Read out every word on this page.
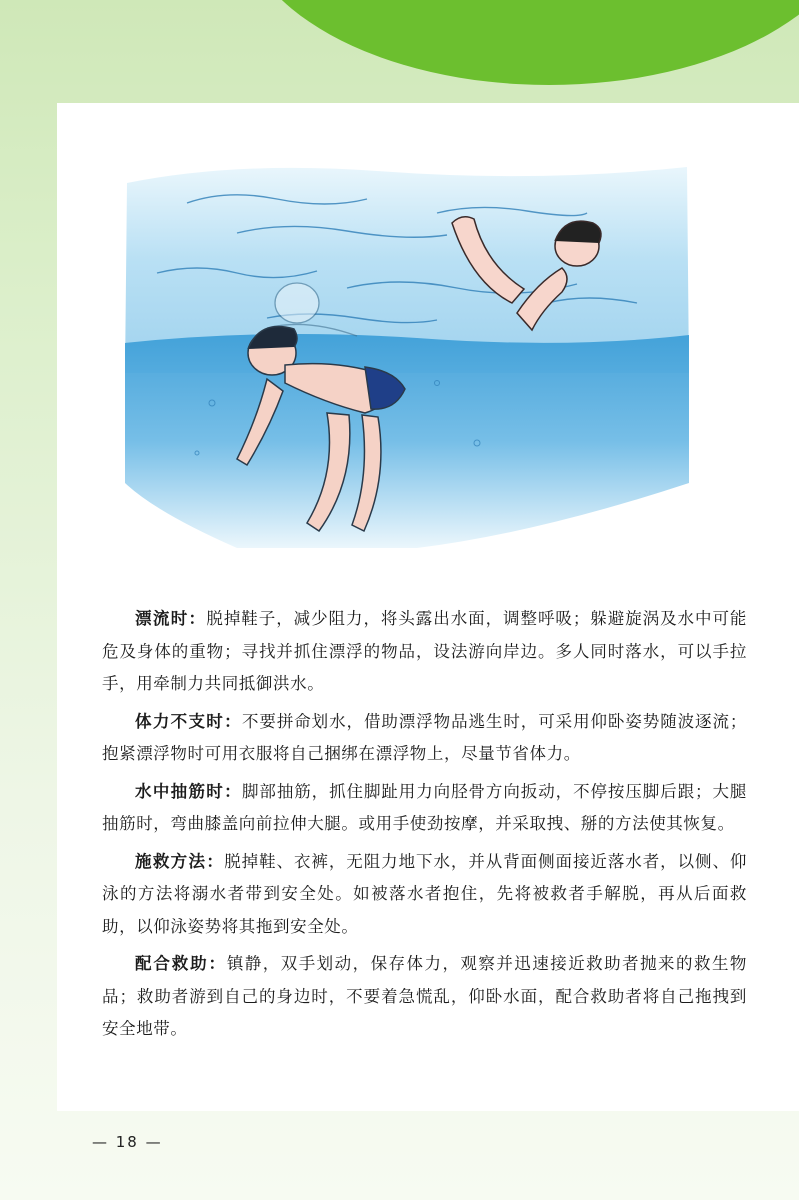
漂流时：脱掉鞋子，减少阻力，将头露出水面，调整呼吸；躲避旋涡及水中可能危及身体的重物；寻找并抓住漂浮的物品，设法游向岸边。多人同时落水，可以手拉手，用牵制力共同抵御洪水。

体力不支时：不要拼命划水，借助漂浮物品逃生时，可采用仰卧姿势随波逐流；抱紧漂浮物时可用衣服将自己捆绑在漂浮物上，尽量节省体力。

水中抽筋时：脚部抽筋，抓住脚趾用力向胫骨方向扳动，不停按压脚后跟；大腿抽筋时，弯曲膝盖向前拉伸大腿。或用手使劲按摩，并采取拽、掰的方法使其恢复。

施救方法：脱掉鞋、衣裤，无阻力地下水，并从背面侧面接近落水者，以侧、仰泳的方法将溺水者带到安全处。如被落水者抱住，先将被救者手解脱，再从后面救助，以仰泳姿势将其拖到安全处。

配合救助：镇静，双手划动，保存体力，观察并迅速接近救助者抛来的救生物品；救助者游到自己的身边时，不要着急慌乱，仰卧水面，配合救助者将自己拖拽到安全地带。

— 18 —
